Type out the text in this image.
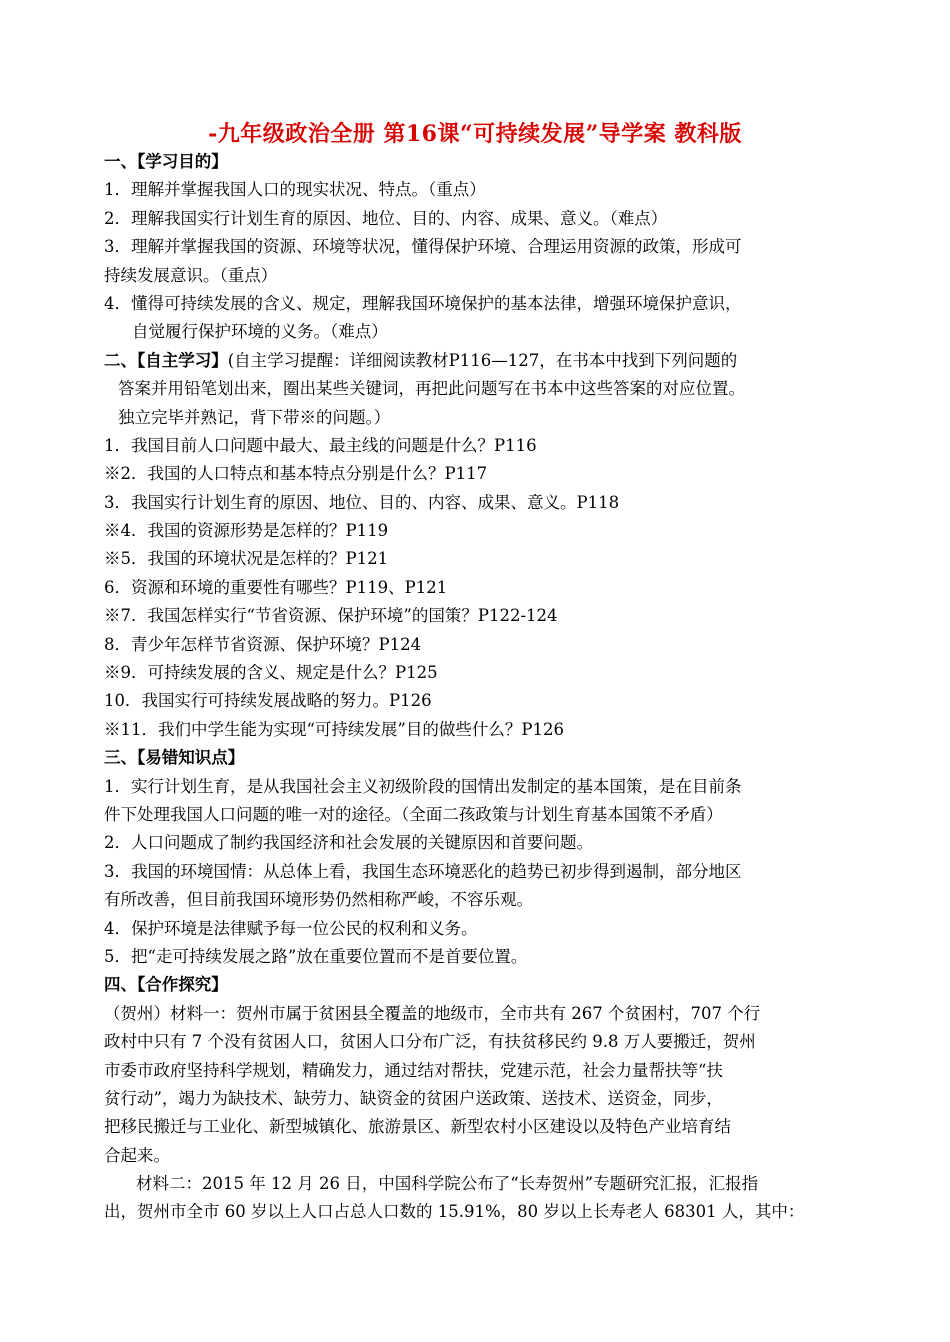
-九年级政治全册 第16课“可持续发展”导学案 教科版
一、【学习目的】
1．理解并掌握我国人口的现实状况、特点。（重点）
2．理解我国实行计划生育的原因、地位、目的、内容、成果、意义。（难点）
3．理解并掌握我国的资源、环境等状况，懂得保护环境、合理运用资源的政策，形成可
持续发展意识。（重点）
4．懂得可持续发展的含义、规定，理解我国环境保护的基本法律，增强环境保护意识，
自觉履行保护环境的义务。（难点）
二、【自主学习】(自主学习提醒：详细阅读教材P116—127，在书本中找到下列问题的
答案并用铅笔划出来，圈出某些关键词，再把此问题写在书本中这些答案的对应位置。
独立完毕并熟记，背下带※的问题。）
1．我国目前人口问题中最大、最主线的问题是什么？P116
※2．我国的人口特点和基本特点分别是什么？P117
3．我国实行计划生育的原因、地位、目的、内容、成果、意义。P118
※4．我国的资源形势是怎样的？P119
※5．我国的环境状况是怎样的？P121
6．资源和环境的重要性有哪些？P119、P121
※7．我国怎样实行“节省资源、保护环境”的国策？P122-124
8．青少年怎样节省资源、保护环境？P124
※9．可持续发展的含义、规定是什么？P125
10．我国实行可持续发展战略的努力。P126
※11．我们中学生能为实现“可持续发展”目的做些什么？P126
三、【易错知识点】
1．实行计划生育，是从我国社会主义初级阶段的国情出发制定的基本国策，是在目前条
件下处理我国人口问题的唯一对的途径。（全面二孩政策与计划生育基本国策不矛盾）
2．人口问题成了制约我国经济和社会发展的关键原因和首要问题。
3．我国的环境国情：从总体上看，我国生态环境恶化的趋势已初步得到遏制，部分地区
有所改善，但目前我国环境形势仍然相称严峻，不容乐观。
4．保护环境是法律赋予每一位公民的权利和义务。
5．把“走可持续发展之路”放在重要位置而不是首要位置。
四、【合作探究】
（贺州）材料一：贺州市属于贫困县全覆盖的地级市，全市共有 267 个贫困村，707 个行
政村中只有 7 个没有贫困人口，贫困人口分布广泛，有扶贫移民约 9.8 万人要搬迁，贺州
市委市政府坚持科学规划，精确发力，通过结对帮扶，党建示范，社会力量帮扶等“扶
贫行动”，竭力为缺技术、缺劳力、缺资金的贫困户送政策、送技术、送资金，同步，
把移民搬迁与工业化、新型城镇化、旅游景区、新型农村小区建设以及特色产业培育结
合起来。
材料二：2015 年 12 月 26 日，中国科学院公布了“长寿贺州”专题研究汇报，汇报指
出，贺州市全市 60 岁以上人口占总人口数的 15.91%，80 岁以上长寿老人 68301 人，其中：
